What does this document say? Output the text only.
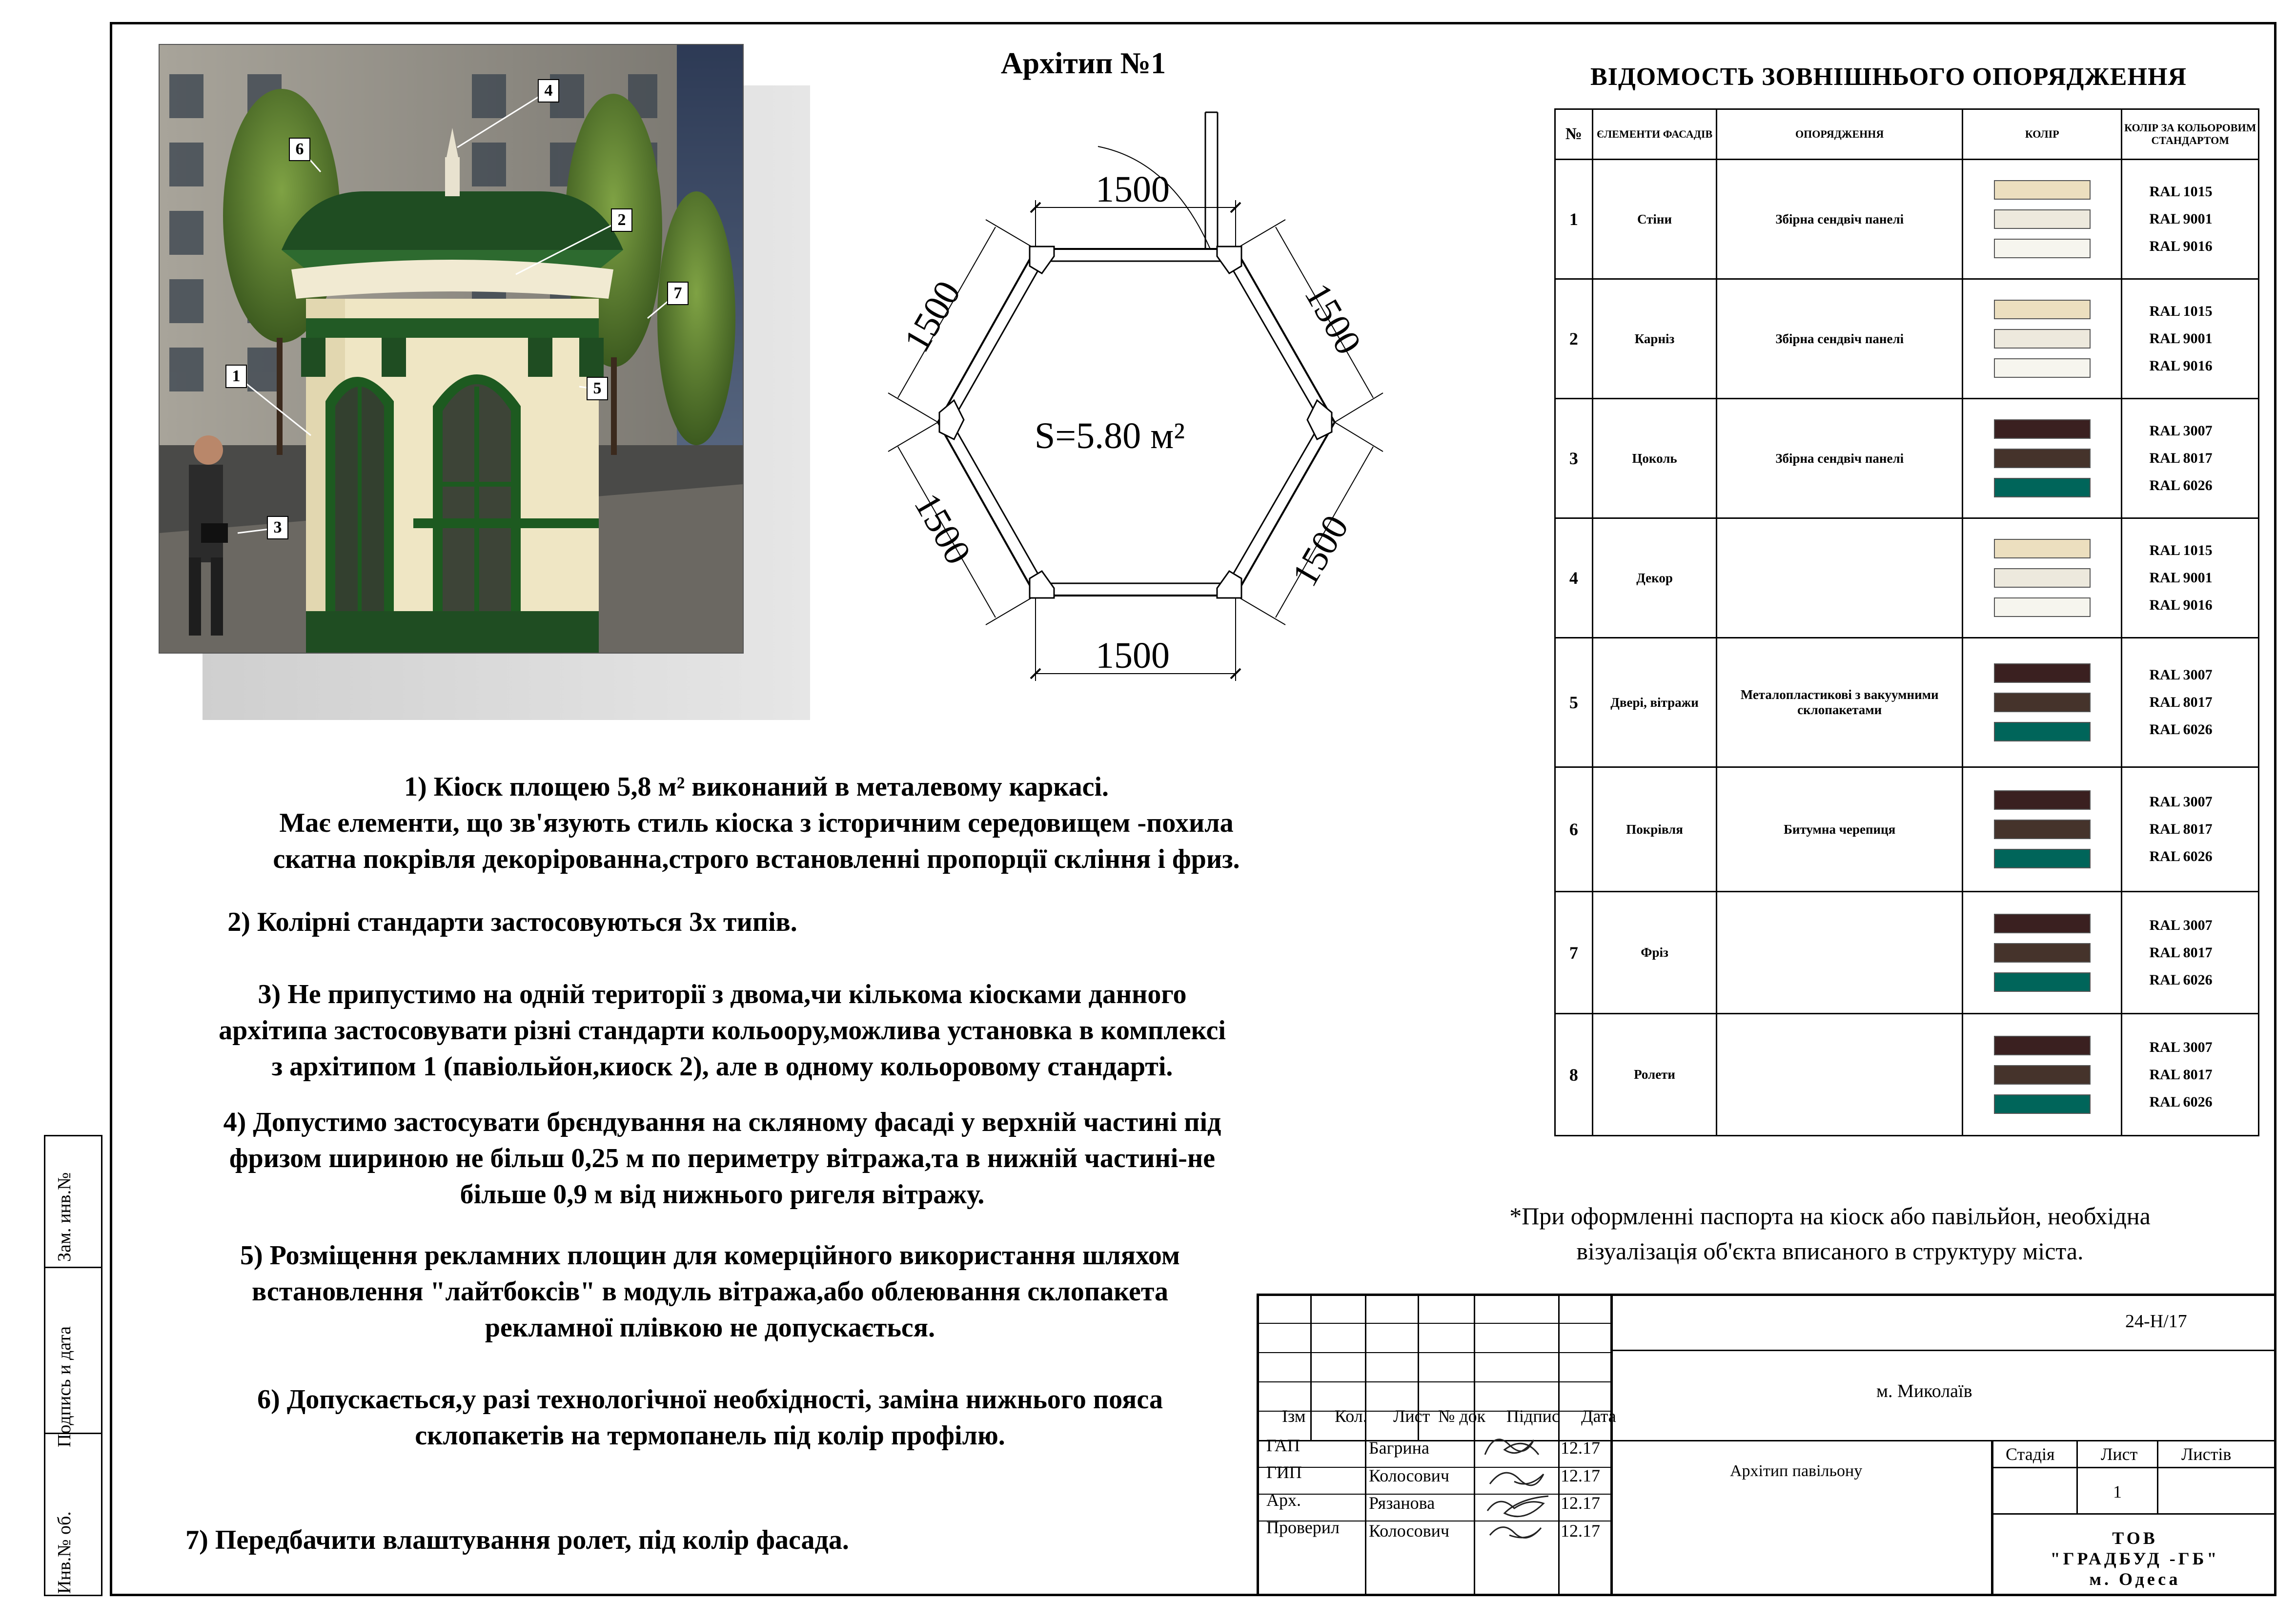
Зам. инв.№
Подпись и дата
Инв.№ об.
1
2
3
4
5
6
7
Архітип №1
1500
1500
1500	1500
1500	1500
S=5.80 м²
1) Кіоск площею 5,8 м² виконаний в металевому каркасі.
Має елементи, що зв'язують стиль кіоска з історичним середовищем -похила
скатна покрівля декорірованна,строго встановленні пропорції скління і фриз.
2) Колірні стандарти застосовуються 3х типів.
3) Не припустимо на одній території з двома,чи кількома кіосками данного
архітипа застосовувати різні стандарти кольоору,можлива установка в комплексі
з архітипом 1 (павіольйон,киоск 2), але в одному кольоровому стандарті.
4) Допустимо застосувати брєндування на скляному фасаді у верхній частині під
фризом шириною не більш 0,25 м по периметру вітража,та в нижній частині-не
більше 0,9 м від нижнього ригеля вітражу.
5) Розміщення рекламних площин для комерційного використання шляхом
встановлення "лайтбоксів" в модуль вітража,або облеювання склопакета
рекламної плівкою не допускається.
6) Допускається,у разі технологічної необхідності, заміна нижнього пояса
склопакетів на термопанель під колір профілю.
7) Передбачити влаштування ролет, під колір фасада.
ВІДОМОСТЬ ЗОВНІШНЬОГО ОПОРЯДЖЕННЯ
№	ЄЛЕМЕНТИ ФАСАДІВ	ОПОРЯДЖЕННЯ	КОЛІР	КОЛІР ЗА КОЛЬОРОВИМ СТАНДАРТОМ
1	Стіни	Збірна сендвіч панелі		RAL 1015
RAL 9001
RAL 9016

2	Карніз	Збірна сендвіч панелі		RAL 1015
RAL 9001
RAL 9016

3	Цоколь	Збірна сендвіч панелі		RAL 3007
RAL 8017
RAL 6026

4	Декор			RAL 1015
RAL 9001
RAL 9016

5	Двері, вітражи	Металопластикові з вакуумними склопакетами		RAL 3007
RAL 8017
RAL 6026

6	Покрівля	Битумна черепиця		RAL 3007
RAL 8017
RAL 6026

7	Фріз			RAL 3007
RAL 8017
RAL 6026

8	Ролети			RAL 3007
RAL 8017
RAL 6026
*При оформленні паспорта на кіоск або павільйон, необхідна
візуалізація об'єкта вписаного в структуру міста.
24-Н/17
м. Миколаїв
Ізм Кол. Лист № док Підпис Дата
ГАП	Багрина	12.17
ГИП	Колосович	12.17
Арх.	Рязанова	12.17
Проверил Колосович	12.17
Архітип павільону
Стадія	Лист Листів
1
ТОВ
"ГРАДБУД -ГБ"
м. Одеса
